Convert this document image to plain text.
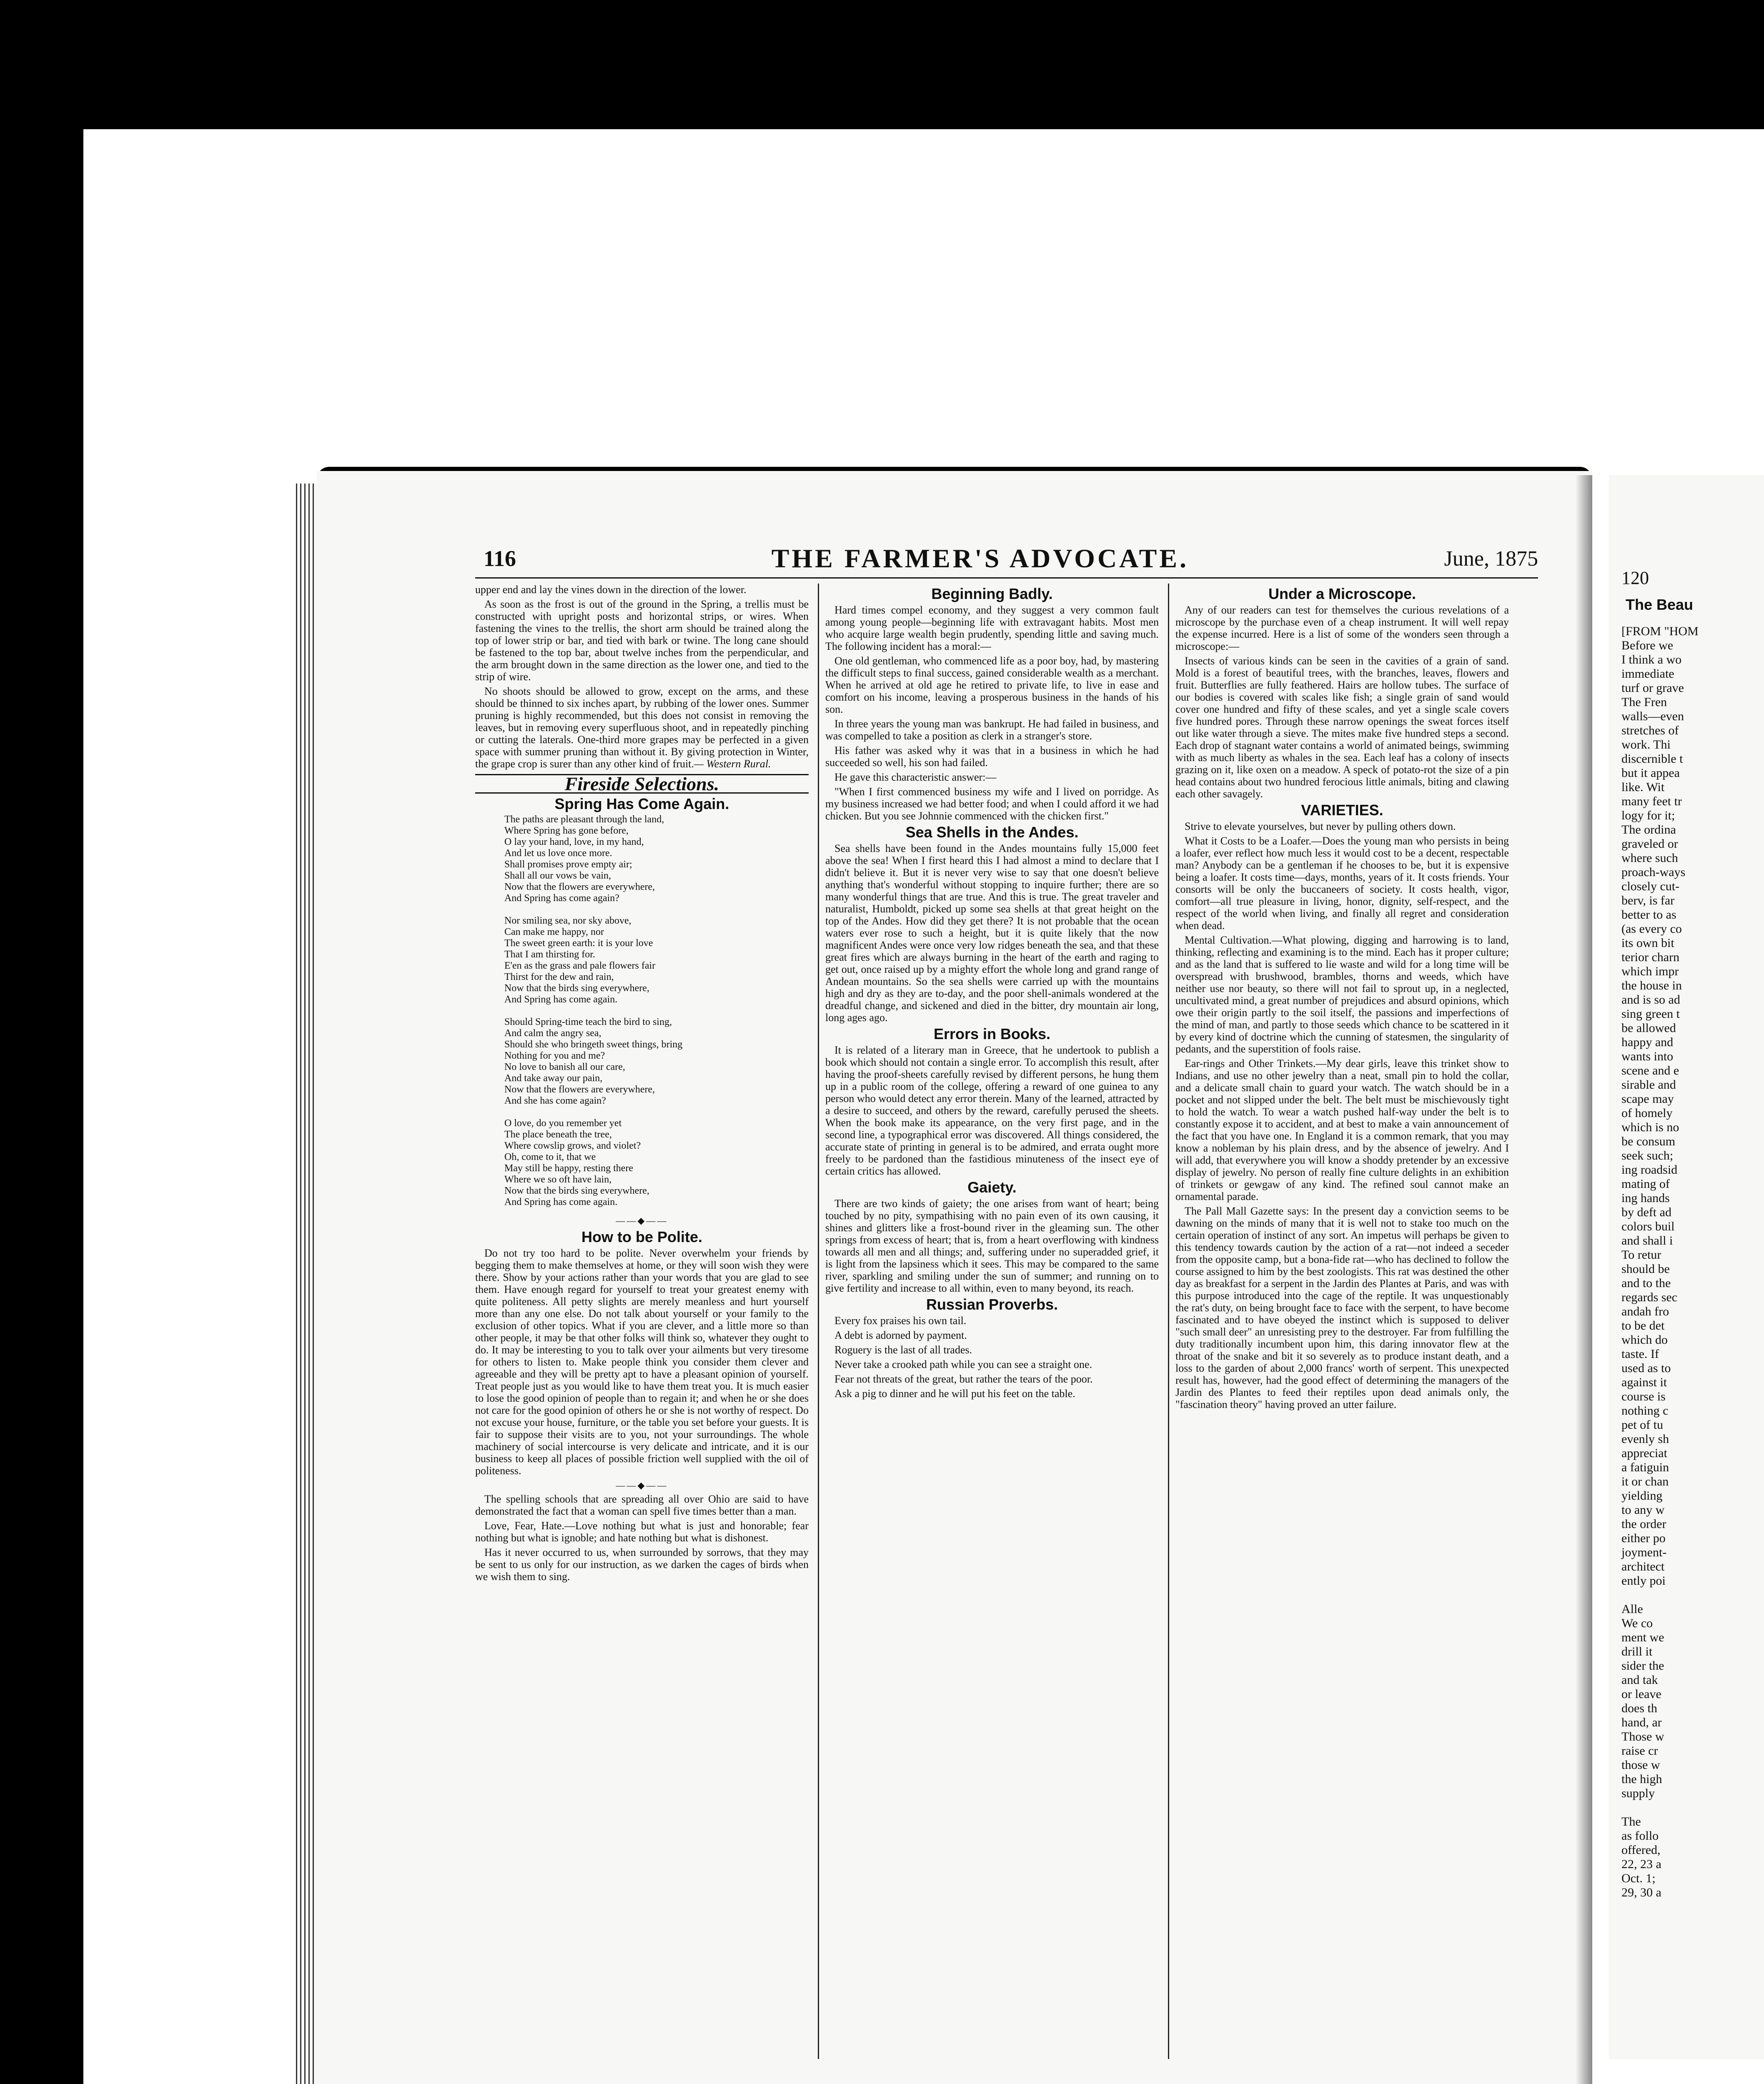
116	THE FARMER'S ADVOCATE.	June, 1875

upper end and lay the vines down in the direction of the lower.

As soon as the frost is out of the ground in the Spring, a trellis must be constructed with upright posts and horizontal strips, or wires. When fastening the vines to the trellis, the short arm should be trained along the top of lower strip or bar, and tied with bark or twine. The long cane should be fastened to the top bar, about twelve inches from the perpendicular, and the arm brought down in the same direction as the lower one, and tied to the strip of wire.

No shoots should be allowed to grow, except on the arms, and these should be thinned to six inches apart, by rubbing of the lower ones. Summer pruning is highly recommended, but this does not consist in removing the leaves, but in removing every superfluous shoot, and in repeatedly pinching or cutting the laterals. One-third more grapes may be perfected in a given space with summer pruning than without it. By giving protection in Winter, the grape crop is surer than any other kind of fruit.— Western Rural.

Fireside Selections.
Spring Has Come Again.
The paths are pleasant through the land,
Where Spring has gone before,
O lay your hand, love, in my hand,
And let us love once more.
Shall promises prove empty air;
Shall all our vows be vain,
Now that the flowers are everywhere,
And Spring has come again?

Nor smiling sea, nor sky above,
Can make me happy, nor
The sweet green earth: it is your love
That I am thirsting for.
E'en as the grass and pale flowers fair
Thirst for the dew and rain,
Now that the birds sing everywhere,
And Spring has come again.

Should Spring-time teach the bird to sing,
And calm the angry sea,
Should she who bringeth sweet things, bring
Nothing for you and me?
No love to banish all our care,
And take away our pain,
Now that the flowers are everywhere,
And she has come again?

O love, do you remember yet
The place beneath the tree,
Where cowslip grows, and violet?
Oh, come to it, that we
May still be happy, resting there
Where we so oft have lain,
Now that the birds sing everywhere,
And Spring has come again.
——◆——
How to be Polite.

Do not try too hard to be polite. Never overwhelm your friends by begging them to make themselves at home, or they will soon wish they were there. Show by your actions rather than your words that you are glad to see them. Have enough regard for yourself to treat your greatest enemy with quite politeness. All petty slights are merely meanless and hurt yourself more than any one else. Do not talk about yourself or your family to the exclusion of other topics. What if you are clever, and a little more so than other people, it may be that other folks will think so, whatever they ought to do. It may be interesting to you to talk over your ailments but very tiresome for others to listen to. Make people think you consider them clever and agreeable and they will be pretty apt to have a pleasant opinion of yourself. Treat people just as you would like to have them treat you. It is much easier to lose the good opinion of people than to regain it; and when he or she does not care for the good opinion of others he or she is not worthy of respect. Do not excuse your house, furniture, or the table you set before your guests. It is fair to suppose their visits are to you, not your surroundings. The whole machinery of social intercourse is very delicate and intricate, and it is our business to keep all places of possible friction well supplied with the oil of politeness.

——◆——

The spelling schools that are spreading all over Ohio are said to have demonstrated the fact that a woman can spell five times better than a man.

Love, Fear, Hate.—Love nothing but what is just and honorable; fear nothing but what is ignoble; and hate nothing but what is dishonest.

Has it never occurred to us, when surrounded by sorrows, that they may be sent to us only for our instruction, as we darken the cages of birds when we wish them to sing.

Beginning Badly.

Hard times compel economy, and they suggest a very common fault among young people—beginning life with extravagant habits. Most men who acquire large wealth begin prudently, spending little and saving much. The following incident has a moral:—

One old gentleman, who commenced life as a poor boy, had, by mastering the difficult steps to final success, gained considerable wealth as a merchant. When he arrived at old age he retired to private life, to live in ease and comfort on his income, leaving a prosperous business in the hands of his son.

In three years the young man was bankrupt. He had failed in business, and was compelled to take a position as clerk in a stranger's store.

His father was asked why it was that in a business in which he had succeeded so well, his son had failed.

He gave this characteristic answer:—

"When I first commenced business my wife and I lived on porridge. As my business increased we had better food; and when I could afford it we had chicken. But you see Johnnie commenced with the chicken first."

Sea Shells in the Andes.

Sea shells have been found in the Andes mountains fully 15,000 feet above the sea! When I first heard this I had almost a mind to declare that I didn't believe it. But it is never very wise to say that one doesn't believe anything that's wonderful without stopping to inquire further; there are so many wonderful things that are true. And this is true. The great traveler and naturalist, Humboldt, picked up some sea shells at that great height on the top of the Andes. How did they get there? It is not probable that the ocean waters ever rose to such a height, but it is quite likely that the now magnificent Andes were once very low ridges beneath the sea, and that these great fires which are always burning in the heart of the earth and raging to get out, once raised up by a mighty effort the whole long and grand range of Andean mountains. So the sea shells were carried up with the mountains high and dry as they are to-day, and the poor shell-animals wondered at the dreadful change, and sickened and died in the bitter, dry mountain air long, long ages ago.

Errors in Books.

It is related of a literary man in Greece, that he undertook to publish a book which should not contain a single error. To accomplish this result, after having the proof-sheets carefully revised by different persons, he hung them up in a public room of the college, offering a reward of one guinea to any person who would detect any error therein. Many of the learned, attracted by a desire to succeed, and others by the reward, carefully perused the sheets. When the book make its appearance, on the very first page, and in the second line, a typographical error was discovered. All things considered, the accurate state of printing in general is to be admired, and errata ought more freely to be pardoned than the fastidious minuteness of the insect eye of certain critics has allowed.

Gaiety.

There are two kinds of gaiety; the one arises from want of heart; being touched by no pity, sympathising with no pain even of its own causing, it shines and glitters like a frost-bound river in the gleaming sun. The other springs from excess of heart; that is, from a heart overflowing with kindness towards all men and all things; and, suffering under no superadded grief, it is light from the lapsiness which it sees. This may be compared to the same river, sparkling and smiling under the sun of summer; and running on to give fertility and increase to all within, even to many beyond, its reach.

Russian Proverbs.

Every fox praises his own tail.

A debt is adorned by payment.

Roguery is the last of all trades.

Never take a crooked path while you can see a straight one.

Fear not threats of the great, but rather the tears of the poor.

Ask a pig to dinner and he will put his feet on the table.

Under a Microscope.

Any of our readers can test for themselves the curious revelations of a microscope by the purchase even of a cheap instrument. It will well repay the expense incurred. Here is a list of some of the wonders seen through a microscope:—

Insects of various kinds can be seen in the cavities of a grain of sand. Mold is a forest of beautiful trees, with the branches, leaves, flowers and fruit. Butterflies are fully feathered. Hairs are hollow tubes. The surface of our bodies is covered with scales like fish; a single grain of sand would cover one hundred and fifty of these scales, and yet a single scale covers five hundred pores. Through these narrow openings the sweat forces itself out like water through a sieve. The mites make five hundred steps a second. Each drop of stagnant water contains a world of animated beings, swimming with as much liberty as whales in the sea. Each leaf has a colony of insects grazing on it, like oxen on a meadow. A speck of potato-rot the size of a pin head contains about two hundred ferocious little animals, biting and clawing each other savagely.

VARIETIES.

Strive to elevate yourselves, but never by pulling others down.

What it Costs to be a Loafer.—Does the young man who persists in being a loafer, ever reflect how much less it would cost to be a decent, respectable man? Anybody can be a gentleman if he chooses to be, but it is expensive being a loafer. It costs time—days, months, years of it. It costs friends. Your consorts will be only the buccaneers of society. It costs health, vigor, comfort—all true pleasure in living, honor, dignity, self-respect, and the respect of the world when living, and finally all regret and consideration when dead.

Mental Cultivation.—What plowing, digging and harrowing is to land, thinking, reflecting and examining is to the mind. Each has it proper culture; and as the land that is suffered to lie waste and wild for a long time will be overspread with brushwood, brambles, thorns and weeds, which have neither use nor beauty, so there will not fail to sprout up, in a neglected, uncultivated mind, a great number of prejudices and absurd opinions, which owe their origin partly to the soil itself, the passions and imperfections of the mind of man, and partly to those seeds which chance to be scattered in it by every kind of doctrine which the cunning of statesmen, the singularity of pedants, and the superstition of fools raise.

Ear-rings and Other Trinkets.—My dear girls, leave this trinket show to Indians, and use no other jewelry than a neat, small pin to hold the collar, and a delicate small chain to guard your watch. The watch should be in a pocket and not slipped under the belt. The belt must be mischievously tight to hold the watch. To wear a watch pushed half-way under the belt is to constantly expose it to accident, and at best to make a vain announcement of the fact that you have one. In England it is a common remark, that you may know a nobleman by his plain dress, and by the absence of jewelry. And I will add, that everywhere you will know a shoddy pretender by an excessive display of jewelry. No person of really fine culture delights in an exhibition of trinkets or gewgaw of any kind. The refined soul cannot make an ornamental parade.

The Pall Mall Gazette says: In the present day a conviction seems to be dawning on the minds of many that it is well not to stake too much on the certain operation of instinct of any sort. An impetus will perhaps be given to this tendency towards caution by the action of a rat—not indeed a seceder from the opposite camp, but a bona-fide rat—who has declined to follow the course assigned to him by the best zoologists. This rat was destined the other day as breakfast for a serpent in the Jardin des Plantes at Paris, and was with this purpose introduced into the cage of the reptile. It was unquestionably the rat's duty, on being brought face to face with the serpent, to have become fascinated and to have obeyed the instinct which is supposed to deliver "such small deer" an unresisting prey to the destroyer. Far from fulfilling the duty traditionally incumbent upon him, this daring innovator flew at the throat of the snake and bit it so severely as to produce instant death, and a loss to the garden of about 2,000 francs' worth of serpent. This unexpected result has, however, had the good effect of determining the managers of the Jardin des Plantes to feed their reptiles upon dead animals only, the "fascination theory" having proved an utter failure.

120
The Beau
[FROM "HOM
Before we
I think a wo
immediate
turf or grave
The Fren
walls—even
stretches of
work. Thi
discernible t
but it appea
like. Wit
many feet tr
logy for it;
The ordina
graveled or
where such
proach-ways
closely cut-
berv, is far
better to as
(as every co
its own bit
terior charn
which impr
the house in
and is so ad
sing green t
be allowed
happy and
wants into
scene and e
sirable and
scape may
of homely
which is no
be consum
seek such;
ing roadsid
mating of
ing hands
by deft ad
colors buil
and shall i
To retur
should be
and to the
regards sec
andah fro
to be det
which do
taste. If
used as to
against it
course is
nothing c
pet of tu
evenly sh
appreciat
a fatiguin
it or chan
yielding
to any w
the order
either po
joyment-
architect
ently poi

Alle
We co
ment we
drill it
sider the
and tak
or leave
does th
hand, ar
Those w
raise cr
those w
the high
supply

The
as follo
offered,
22, 23 a
Oct. 1;
29, 30 a
